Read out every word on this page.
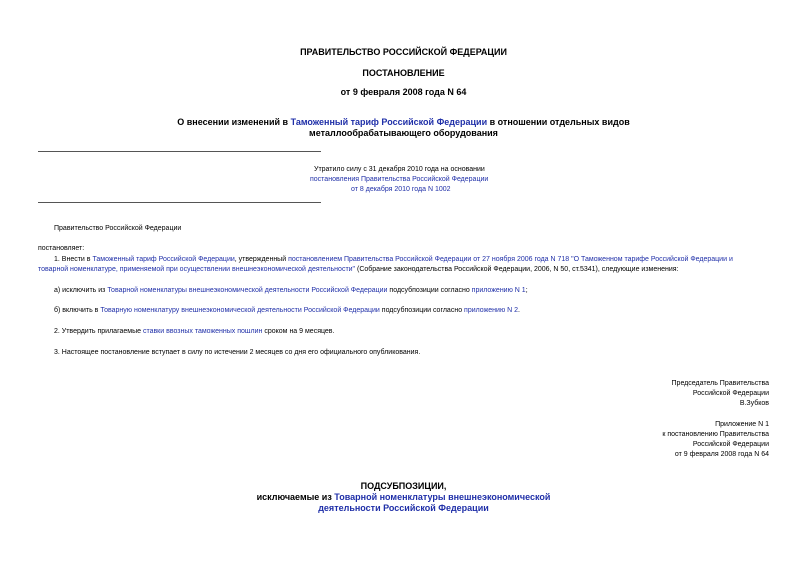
ПРАВИТЕЛЬСТВО РОССИЙСКОЙ ФЕДЕРАЦИИ
ПОСТАНОВЛЕНИЕ
от 9 февраля 2008 года N 64
О внесении изменений в Таможенный тариф Российской Федерации в отношении отдельных видов
металлообрабатывающего оборудования
Утратило силу с 31 декабря 2010 года на основании
постановления Правительства Российской Федерации
от 8 декабря 2010 года N 1002
Правительство Российской Федерации
постановляет:
1. Внести в Таможенный тариф Российской Федерации, утвержденный постановлением Правительства Российской Федерации от 27 ноября 2006 года N 718 "О Таможенном тарифе Российской Федерации и
товарной номенклатуре, применяемой при осуществлении внешнеэкономической деятельности" (Собрание законодательства Российской Федерации, 2006, N 50, ст.5341), следующие изменения:
а) исключить из Товарной номенклатуры внешнеэкономической деятельности Российской Федерации подсубпозиции согласно приложению N 1;
б) включить в Товарную номенклатуру внешнеэкономической деятельности Российской Федерации подсубпозиции согласно приложению N 2.
2. Утвердить прилагаемые ставки ввозных таможенных пошлин сроком на 9 месяцев.
3. Настоящее постановление вступает в силу по истечении 2 месяцев со дня его официального опубликования.
Председатель Правительства
Российской Федерации
В.Зубков
Приложение N 1
к постановлению Правительства
Российской Федерации
от 9 февраля 2008 года N 64
ПОДСУБПОЗИЦИИ,
исключаемые из Товарной номенклатуры внешнеэкономической
деятельности Российской Федерации
